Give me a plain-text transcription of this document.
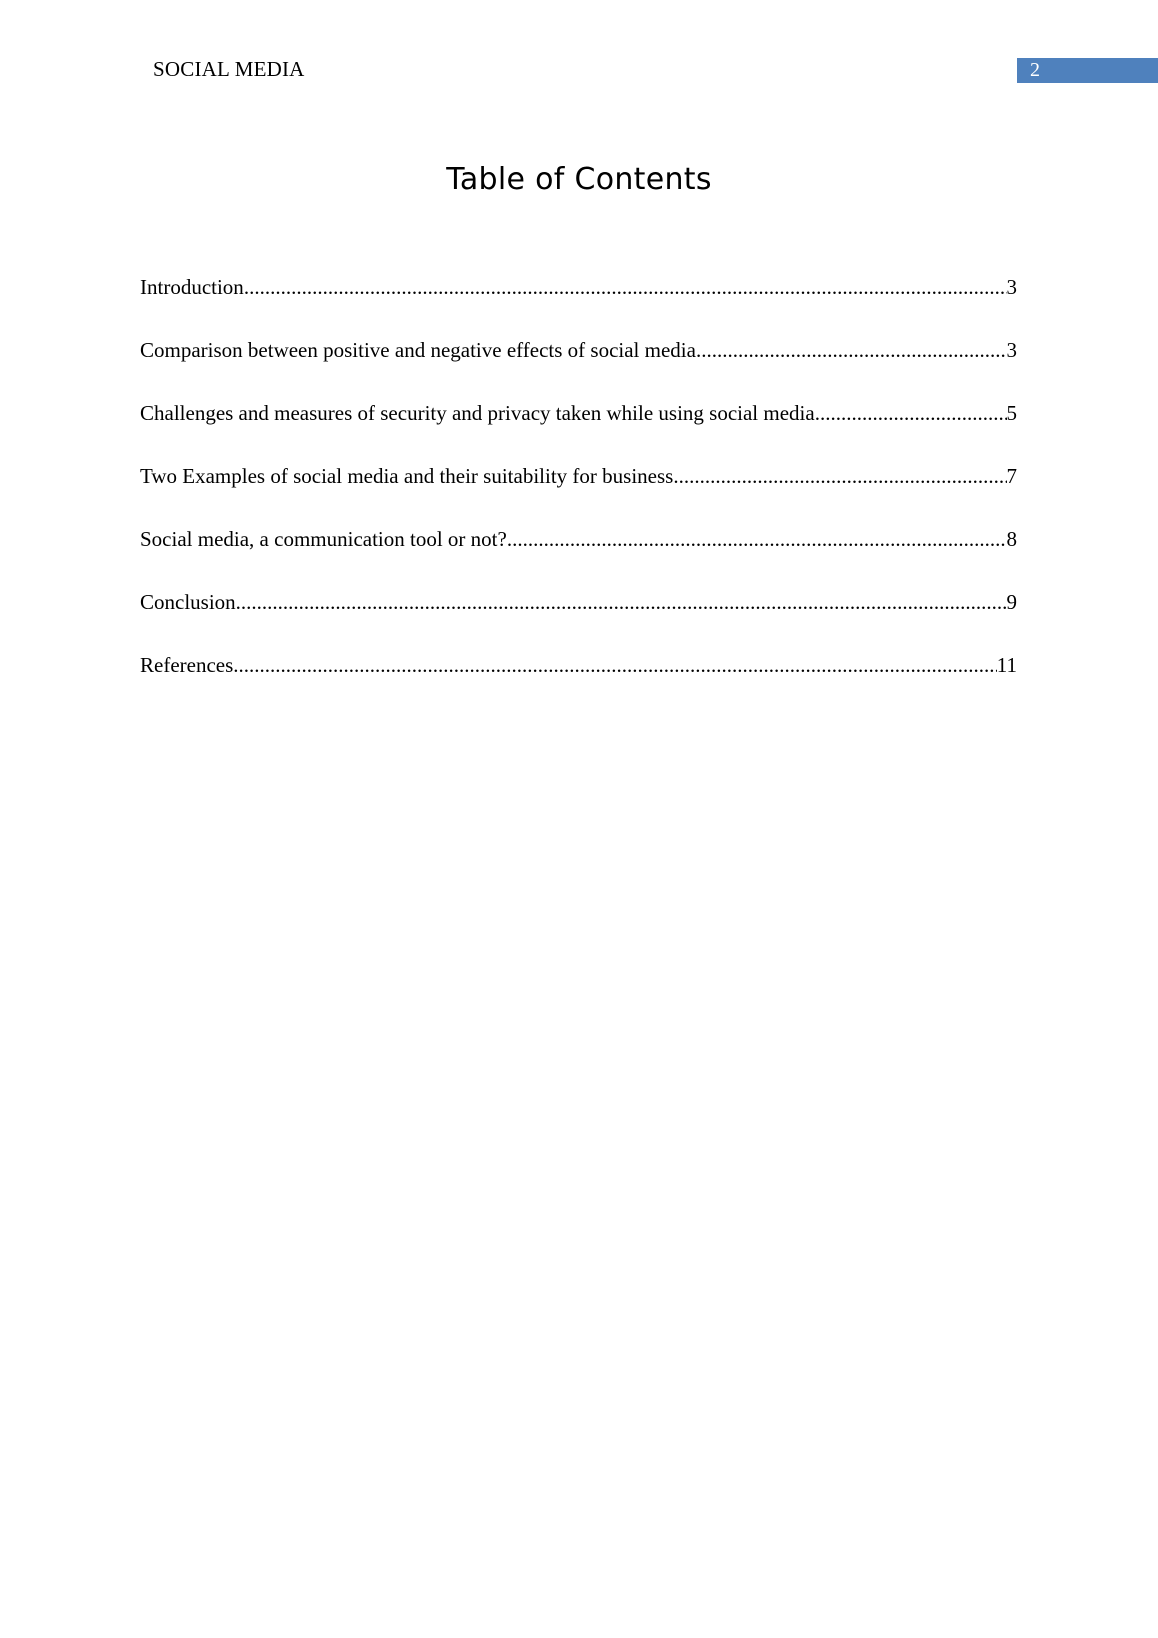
SOCIAL MEDIA	2
Table of Contents
Introduction .....	3
Comparison between positive and negative effects of social media .....	3
Challenges and measures of security and privacy taken while using social media .....	5
Two Examples of social media and their suitability for business .....	7
Social media, a communication tool or not? .....	8
Conclusion .....	9
References .....	11
